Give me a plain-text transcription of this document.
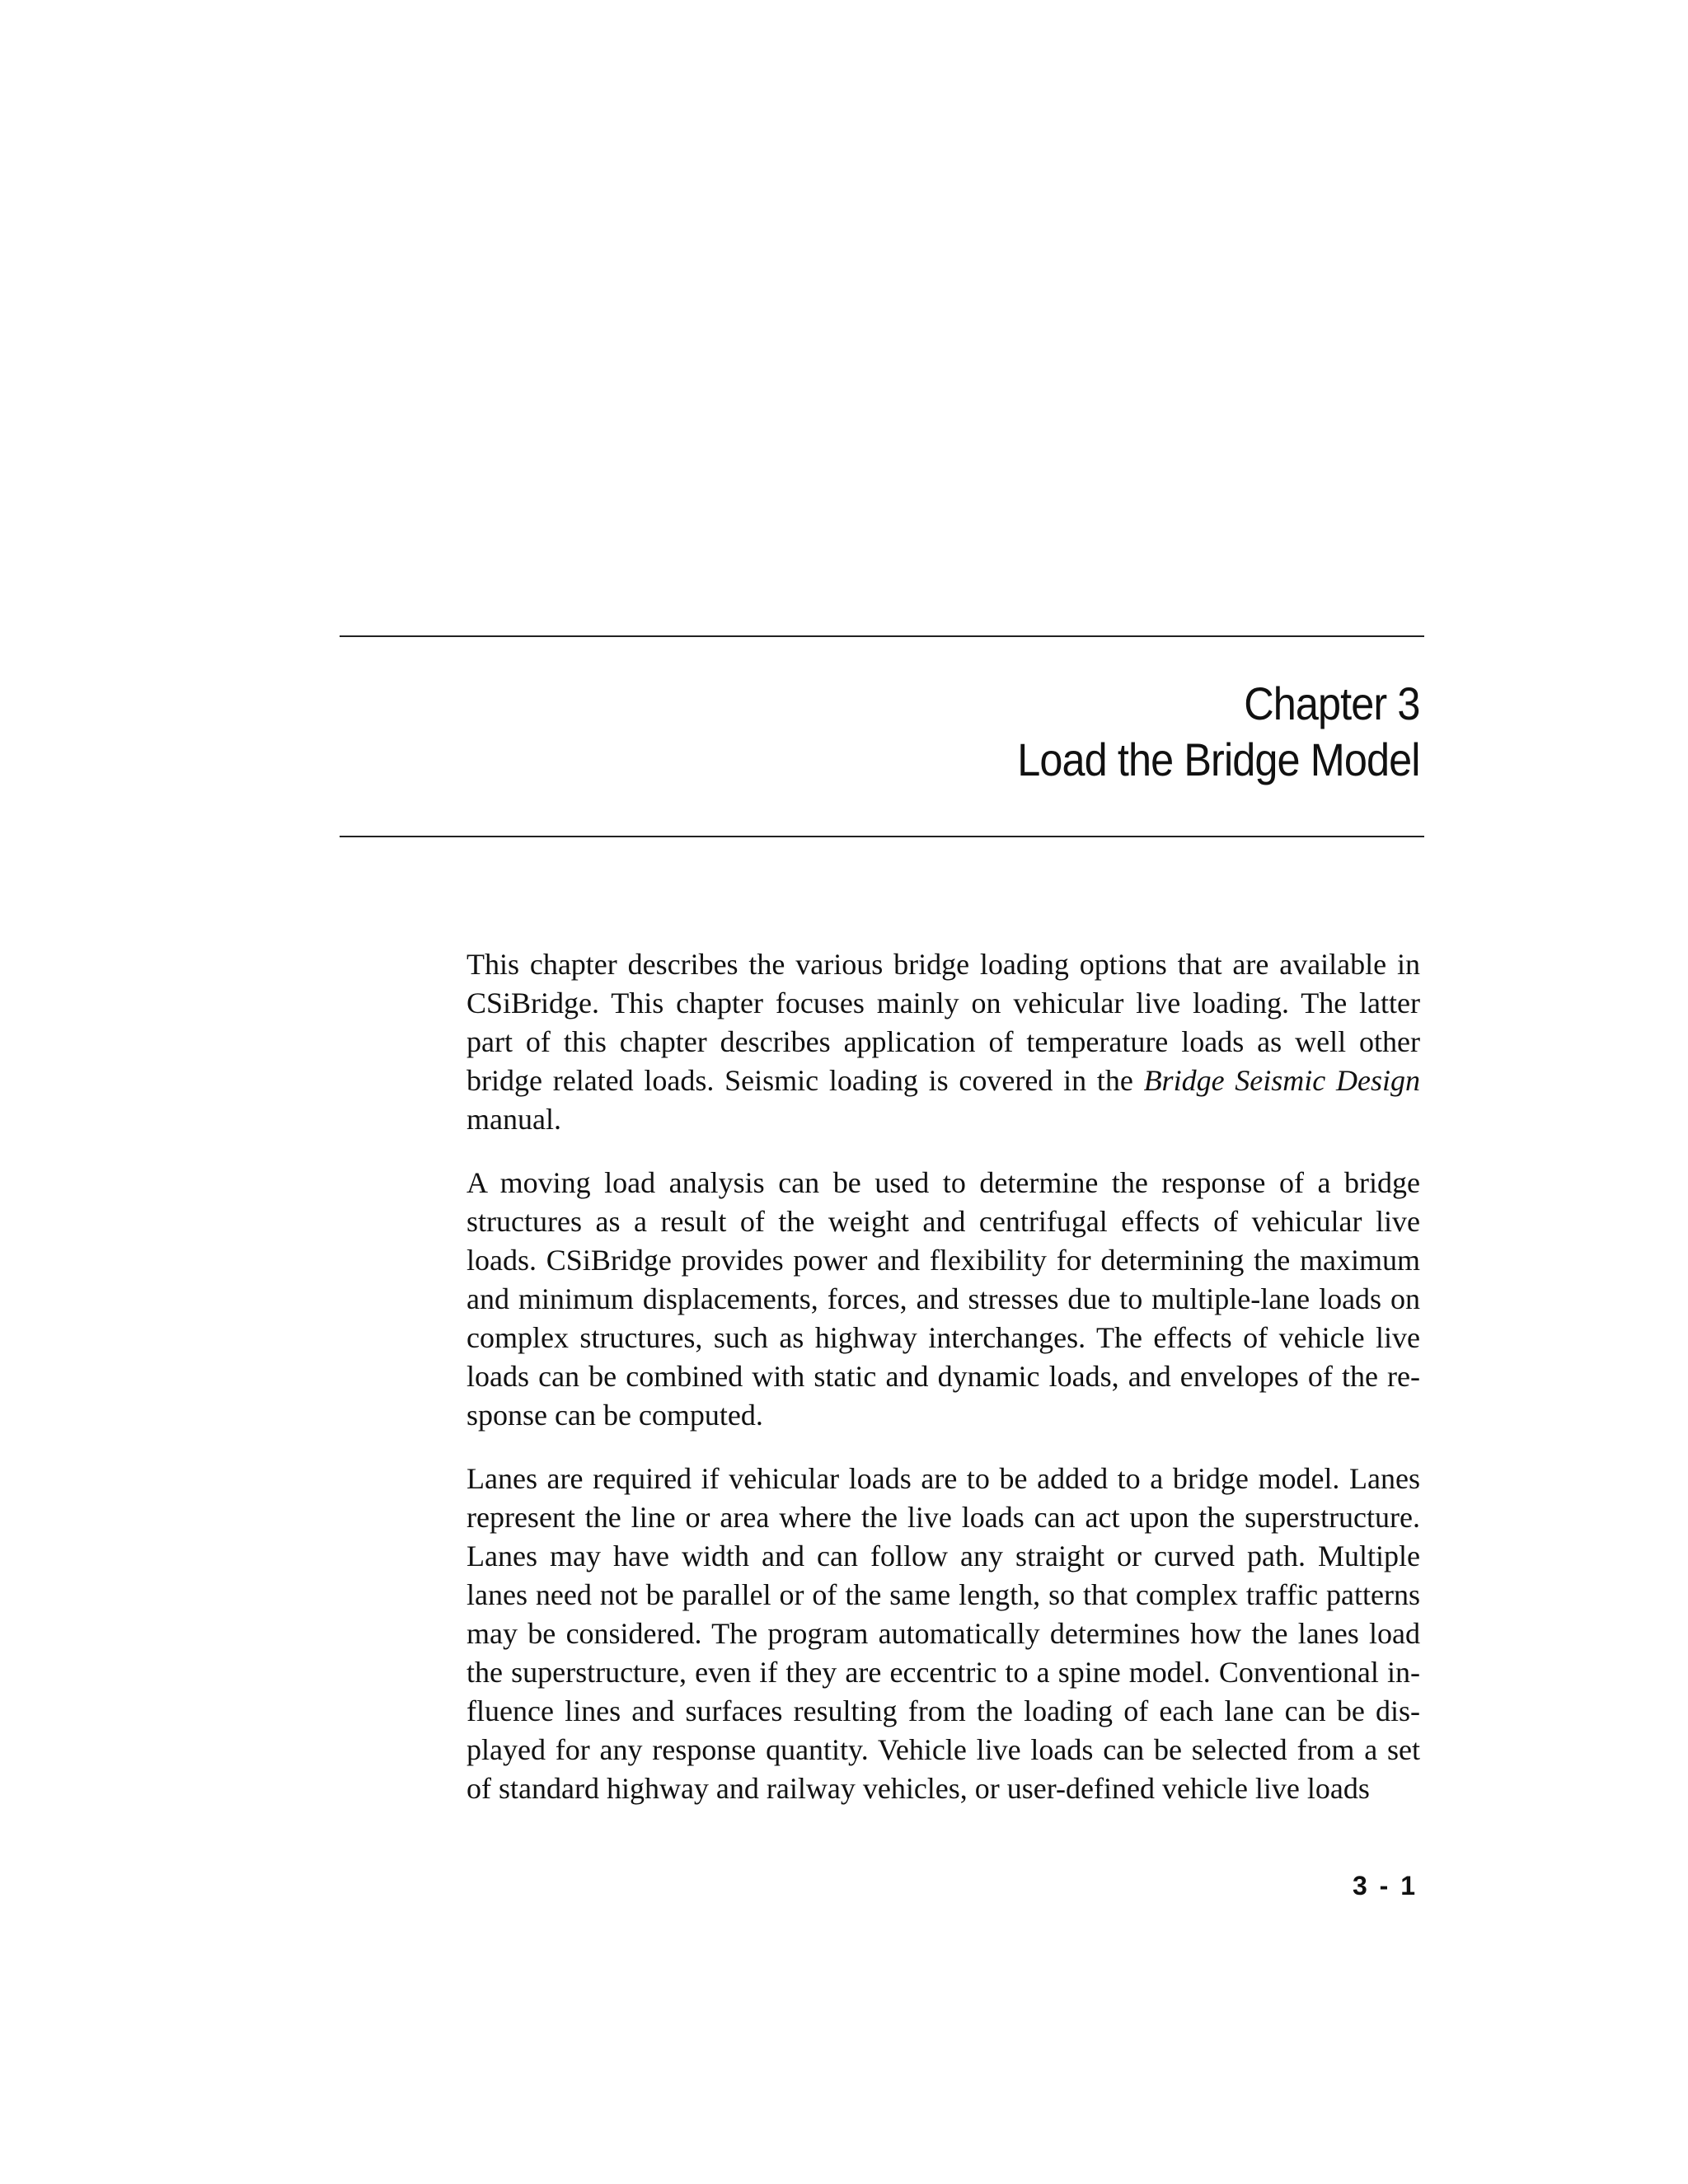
Chapter 3
Load the Bridge Model

This chapter describes the various bridge loading options that are available in CSiBridge. This chapter focuses mainly on vehicular live loading. The latter part of this chapter describes application of temperature loads as well other bridge related loads. Seismic loading is covered in the Bridge Seismic Design manual.

A moving load analysis can be used to determine the response of a bridge structures as a result of the weight and centrifugal effects of vehicular live loads. CSiBridge provides power and flexibility for determining the maximum and minimum displacements, forces, and stresses due to multiple-lane loads on complex structures, such as highway interchanges. The effects of vehicle live loads can be combined with static and dynamic loads, and envelopes of the response can be computed.

Lanes are required if vehicular loads are to be added to a bridge model. Lanes represent the line or area where the live loads can act upon the superstructure. Lanes may have width and can follow any straight or curved path. Multiple lanes need not be parallel or of the same length, so that complex traffic patterns may be considered. The program automatically determines how the lanes load the superstructure, even if they are eccentric to a spine model. Conventional influence lines and surfaces resulting from the loading of each lane can be displayed for any response quantity. Vehicle live loads can be selected from a set of standard highway and railway vehicles, or user-defined vehicle live loads

3 - 1
